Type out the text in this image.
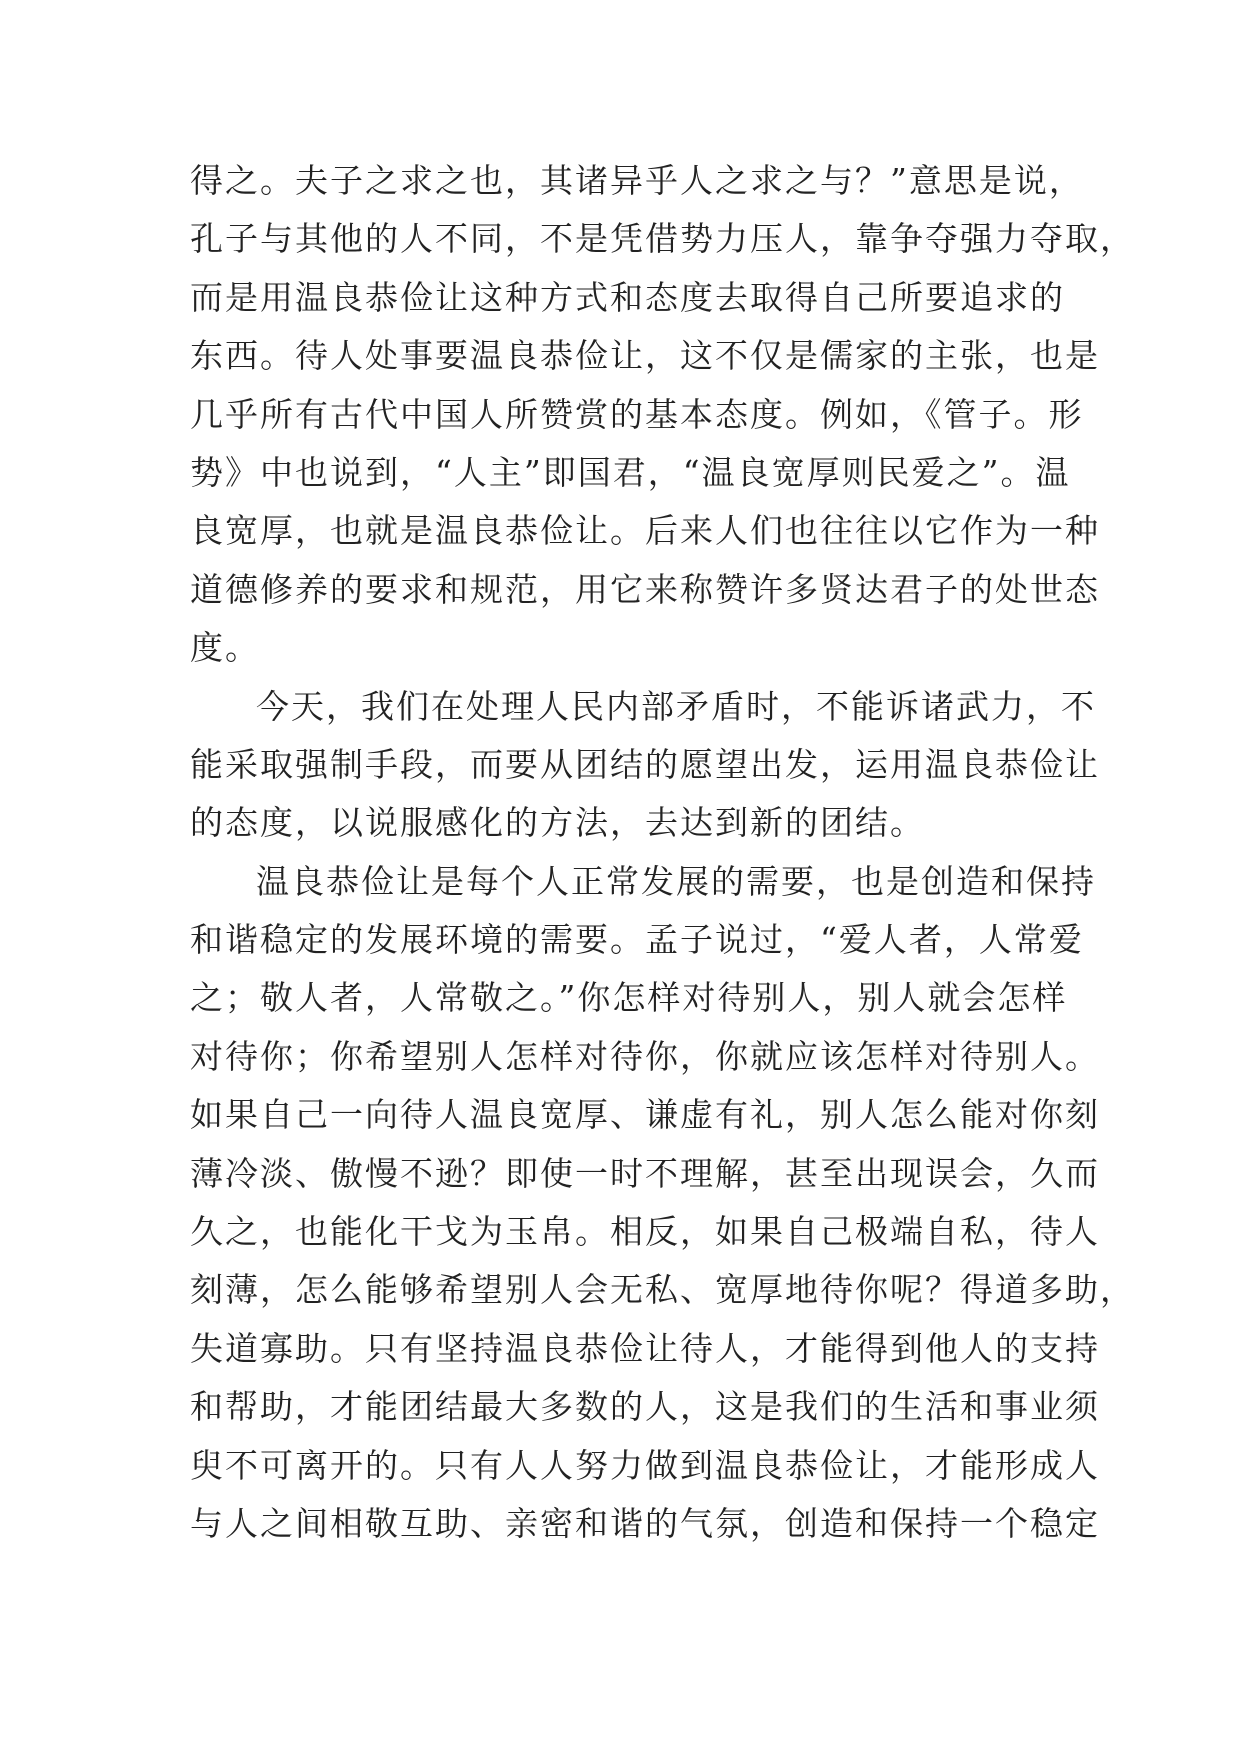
得之。夫子之求之也，其诸异乎人之求之与？”意思是说，
孔子与其他的人不同，不是凭借势力压人，靠争夺强力夺取，
而是用温良恭俭让这种方式和态度去取得自己所要追求的
东西。待人处事要温良恭俭让，这不仅是儒家的主张，也是
几乎所有古代中国人所赞赏的基本态度。例如，《管子。形
势》中也说到，“人主”即国君，“温良宽厚则民爱之”。温
良宽厚，也就是温良恭俭让。后来人们也往往以它作为一种
道德修养的要求和规范，用它来称赞许多贤达君子的处世态
度。
今天，我们在处理人民内部矛盾时，不能诉诸武力，不
能采取强制手段，而要从团结的愿望出发，运用温良恭俭让
的态度，以说服感化的方法，去达到新的团结。
温良恭俭让是每个人正常发展的需要，也是创造和保持
和谐稳定的发展环境的需要。孟子说过，“爱人者，人常爱
之；敬人者，人常敬之。”你怎样对待别人，别人就会怎样
对待你；你希望别人怎样对待你，你就应该怎样对待别人。
如果自己一向待人温良宽厚、谦虚有礼，别人怎么能对你刻
薄冷淡、傲慢不逊？即使一时不理解，甚至出现误会，久而
久之，也能化干戈为玉帛。相反，如果自己极端自私，待人
刻薄，怎么能够希望别人会无私、宽厚地待你呢？得道多助，
失道寡助。只有坚持温良恭俭让待人，才能得到他人的支持
和帮助，才能团结最大多数的人，这是我们的生活和事业须
臾不可离开的。只有人人努力做到温良恭俭让，才能形成人
与人之间相敬互助、亲密和谐的气氛，创造和保持一个稳定
